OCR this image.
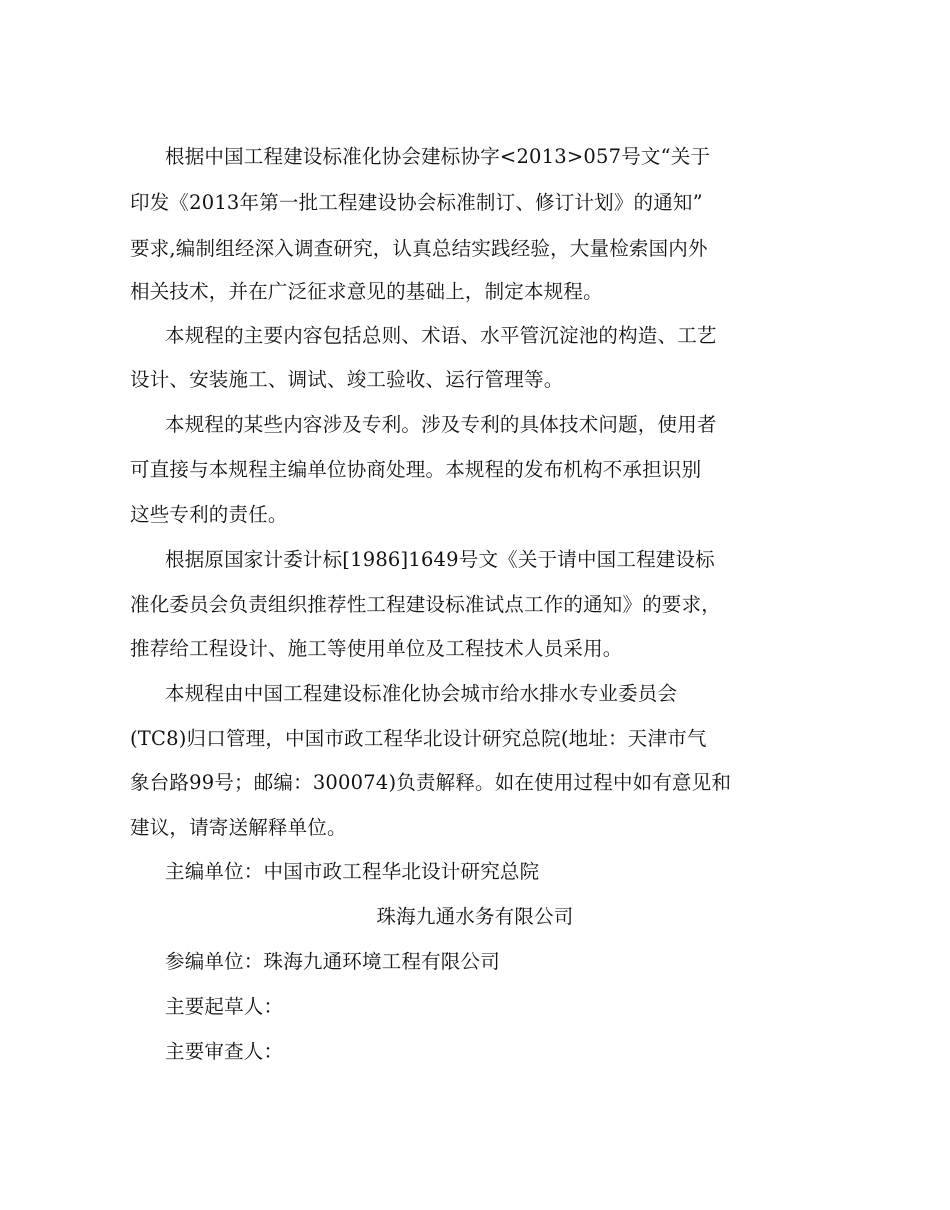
根据中国工程建设标准化协会建标协字<2013>057号文“关于
印发《2013年第一批工程建设协会标准制订、修订计划》的通知”
要求,编制组经深入调查研究，认真总结实践经验，大量检索国内外
相关技术，并在广泛征求意见的基础上，制定本规程。
本规程的主要内容包括总则、术语、水平管沉淀池的构造、工艺
设计、安装施工、调试、竣工验收、运行管理等。
本规程的某些内容涉及专利。涉及专利的具体技术问题，使用者
可直接与本规程主编单位协商处理。本规程的发布机构不承担识别
这些专利的责任。
根据原国家计委计标[1986]1649号文《关于请中国工程建设标
准化委员会负责组织推荐性工程建设标准试点工作的通知》的要求，
推荐给工程设计、施工等使用单位及工程技术人员采用。
本规程由中国工程建设标准化协会城市给水排水专业委员会
(TC8)归口管理，中国市政工程华北设计研究总院(地址：天津市气
象台路99号；邮编：300074)负责解释。如在使用过程中如有意见和
建议，请寄送解释单位。
主编单位：中国市政工程华北设计研究总院
珠海九通水务有限公司
参编单位：珠海九通环境工程有限公司
主要起草人：
主要审查人：
